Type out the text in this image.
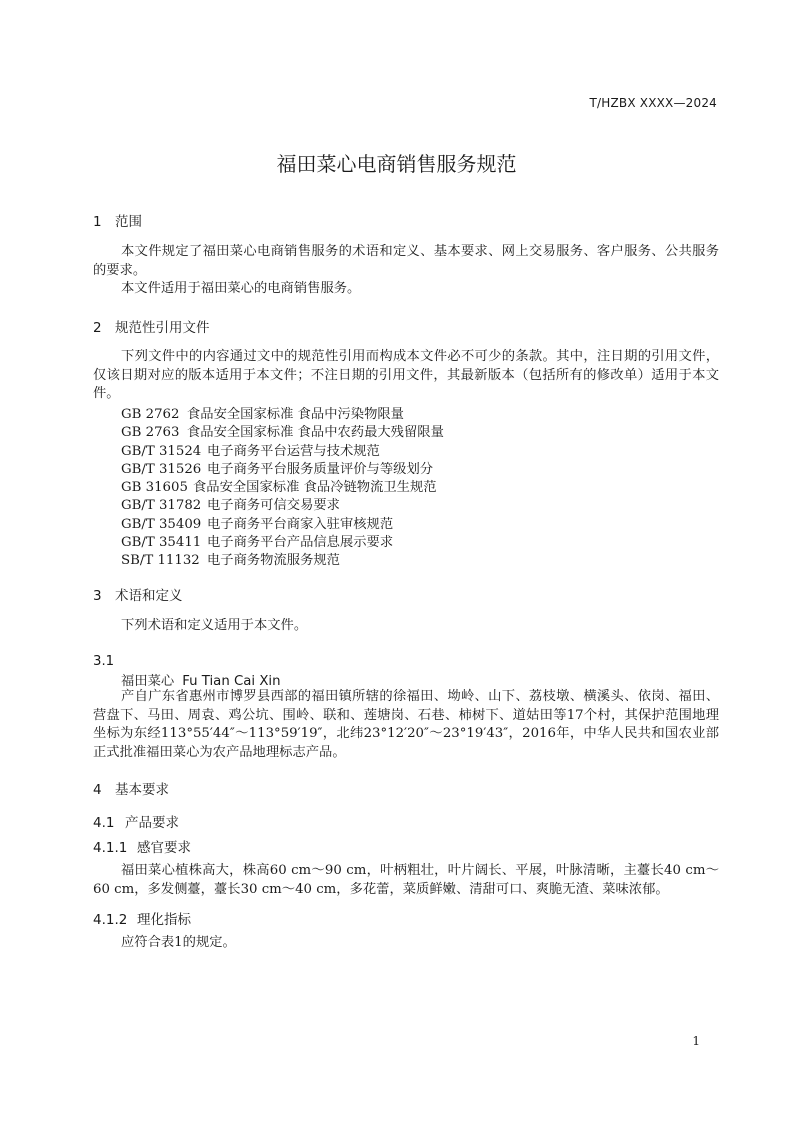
T/HZBX XXXX—2024
福田菜心电商销售服务规范
1 范围
本文件规定了福田菜心电商销售服务的术语和定义、基本要求、网上交易服务、客户服务、公共服务的要求。
本文件适用于福田菜心的电商销售服务。
2 规范性引用文件
下列文件中的内容通过文中的规范性引用而构成本文件必不可少的条款。其中，注日期的引用文件，仅该日期对应的版本适用于本文件；不注日期的引用文件，其最新版本（包括所有的修改单）适用于本文件。
GB 2762 食品安全国家标准 食品中污染物限量
GB 2763 食品安全国家标准 食品中农药最大残留限量
GB/T 31524 电子商务平台运营与技术规范
GB/T 31526 电子商务平台服务质量评价与等级划分
GB 31605 食品安全国家标准 食品冷链物流卫生规范
GB/T 31782 电子商务可信交易要求
GB/T 35409 电子商务平台商家入驻审核规范
GB/T 35411 电子商务平台产品信息展示要求
SB/T 11132 电子商务物流服务规范
3 术语和定义
下列术语和定义适用于本文件。
3.1
福田菜心 Fu Tian Cai Xin
产自广东省惠州市博罗县西部的福田镇所辖的徐福田、坳岭、山下、荔枝墩、横溪头、依岗、福田、营盘下、马田、周袁、鸡公坑、围岭、联和、莲塘岗、石巷、柿树下、道姑田等17个村，其保护范围地理坐标为东经113°55′44″～113°59′19″，北纬23°12′20″～23°19′43″，2016年，中华人民共和国农业部正式批准福田菜心为农产品地理标志产品。
4 基本要求
4.1 产品要求
4.1.1 感官要求
福田菜心植株高大，株高60 cm～90 cm，叶柄粗壮，叶片阔长、平展，叶脉清晰，主薹长40 cm～60 cm，多发侧薹，薹长30 cm～40 cm，多花蕾，菜质鲜嫩、清甜可口、爽脆无渣、菜味浓郁。
4.1.2 理化指标
应符合表1的规定。
1
